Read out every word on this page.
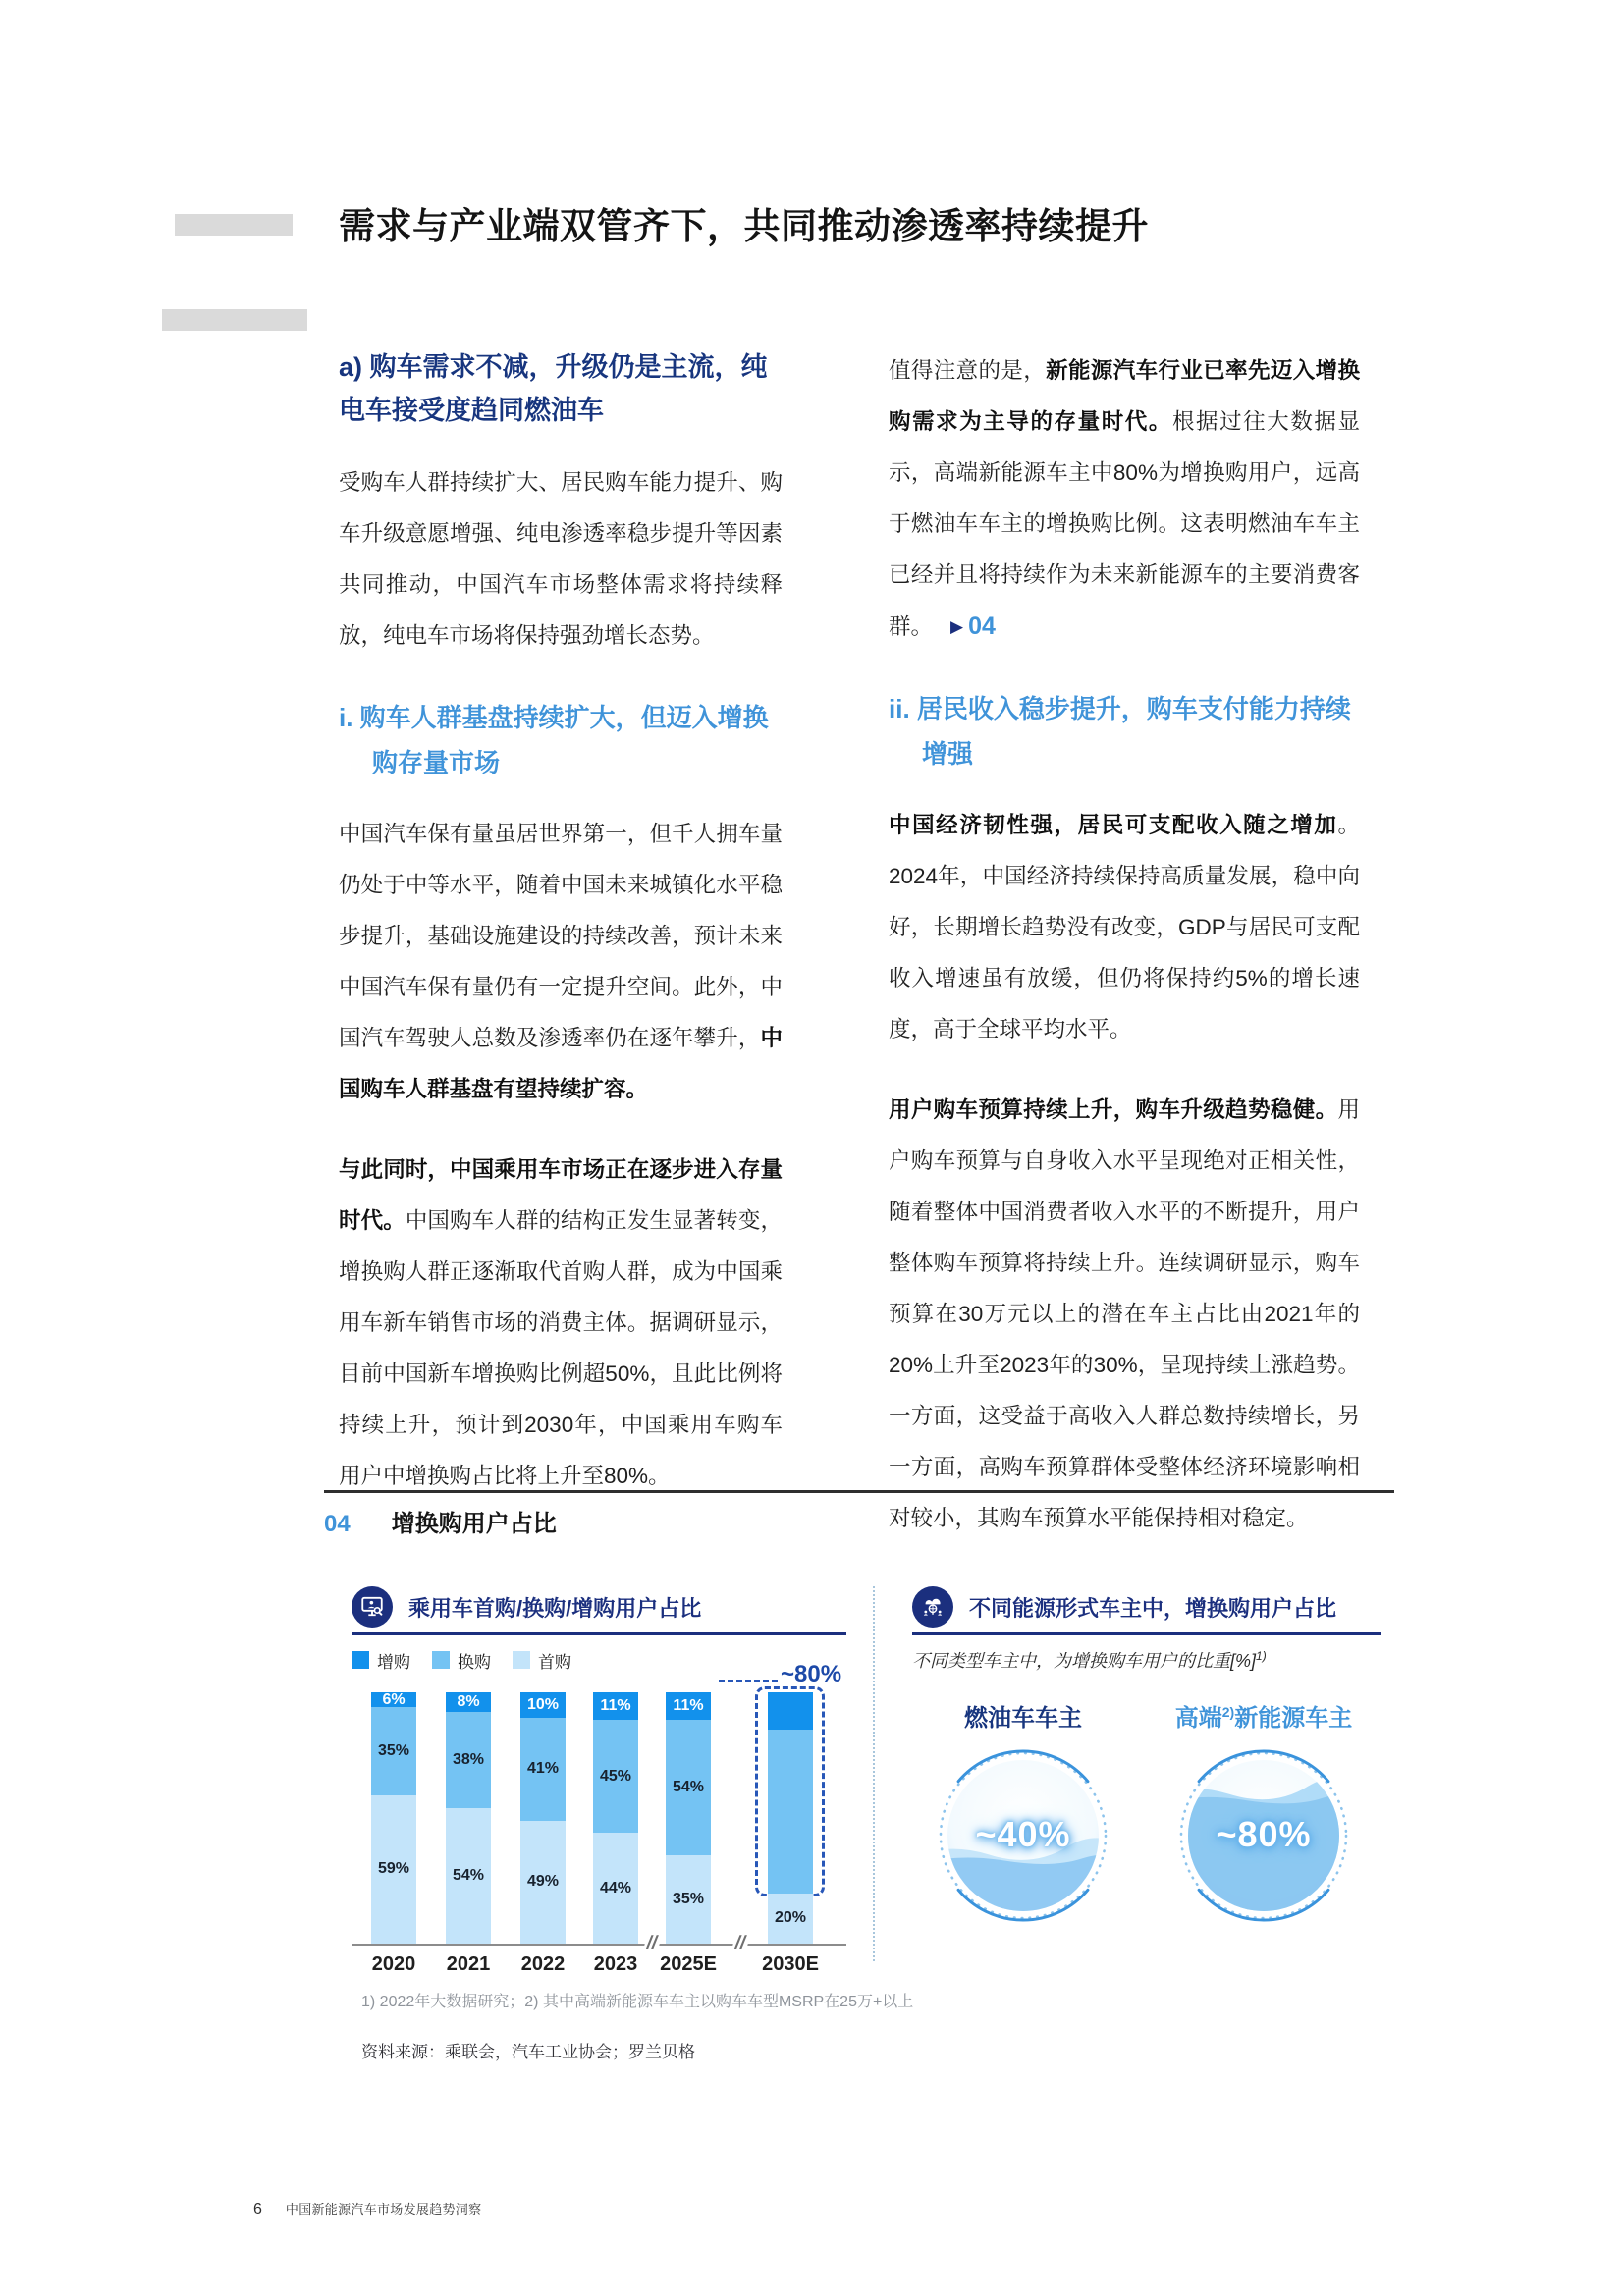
需求与产业端双管齐下，共同推动渗透率持续提升
a) 购车需求不减，升级仍是主流，纯电车接受度趋同燃油车

受购车人群持续扩大、居民购车能力提升、购车升级意愿增强、纯电渗透率稳步提升等因素共同推动，中国汽车市场整体需求将持续释放，纯电车市场将保持强劲增长态势。

i. 购车人群基盘持续扩大，但迈入增换购存量市场

中国汽车保有量虽居世界第一，但千人拥车量仍处于中等水平，随着中国未来城镇化水平稳步提升，基础设施建设的持续改善，预计未来中国汽车保有量仍有一定提升空间。此外，中国汽车驾驶人总数及渗透率仍在逐年攀升，中国购车人群基盘有望持续扩容。

与此同时，中国乘用车市场正在逐步进入存量时代。中国购车人群的结构正发生显著转变，增换购人群正逐渐取代首购人群，成为中国乘用车新车销售市场的消费主体。据调研显示，目前中国新车增换购比例超50%，且此比例将持续上升，预计到2030年，中国乘用车购车用户中增换购占比将上升至80%。

值得注意的是，新能源汽车行业已率先迈入增换购需求为主导的存量时代。根据过往大数据显示，高端新能源车主中80%为增换购用户，远高于燃油车车主的增换购比例。这表明燃油车车主已经并且将持续作为未来新能源车的主要消费客群。 ▶ 04

ii. 居民收入稳步提升，购车支付能力持续增强

中国经济韧性强，居民可支配收入随之增加。2024年，中国经济持续保持高质量发展，稳中向好，长期增长趋势没有改变，GDP与居民可支配收入增速虽有放缓，但仍将保持约5%的增长速度，高于全球平均水平。

用户购车预算持续上升，购车升级趋势稳健。用户购车预算与自身收入水平呈现绝对正相关性，随着整体中国消费者收入水平的不断提升，用户整体购车预算将持续上升。连续调研显示，购车预算在30万元以上的潜在车主占比由2021年的20%上升至2023年的30%，呈现持续上涨趋势。一方面，这受益于高收入人群总数持续增长，另一方面，高购车预算群体受整体经济环境影响相对较小，其购车预算水平能保持相对稳定。

04 增换购用户占比
乘用车首购/换购/增购用户占比
增购	换购	首购	~80%
//	//
6%
35%
59%
2020
8%
38%
54%
2021
10%
41%
49%
2022
11%
45%
44%
2023
11%
54%
35%
2025E
20%
2030E
不同能源形式车主中，增换购用户占比
不同类型车主中，为增换购车用户的比重[%]$^{1)}$
燃油车车主	高端$^{2)}$新能源车主
~40%	~80%
1) 2022年大数据研究；2) 其中高端新能源车车主以购车车型MSRP在25万+以上
资料来源：乘联会，汽车工业协会；罗兰贝格
6 中国新能源汽车市场发展趋势洞察
